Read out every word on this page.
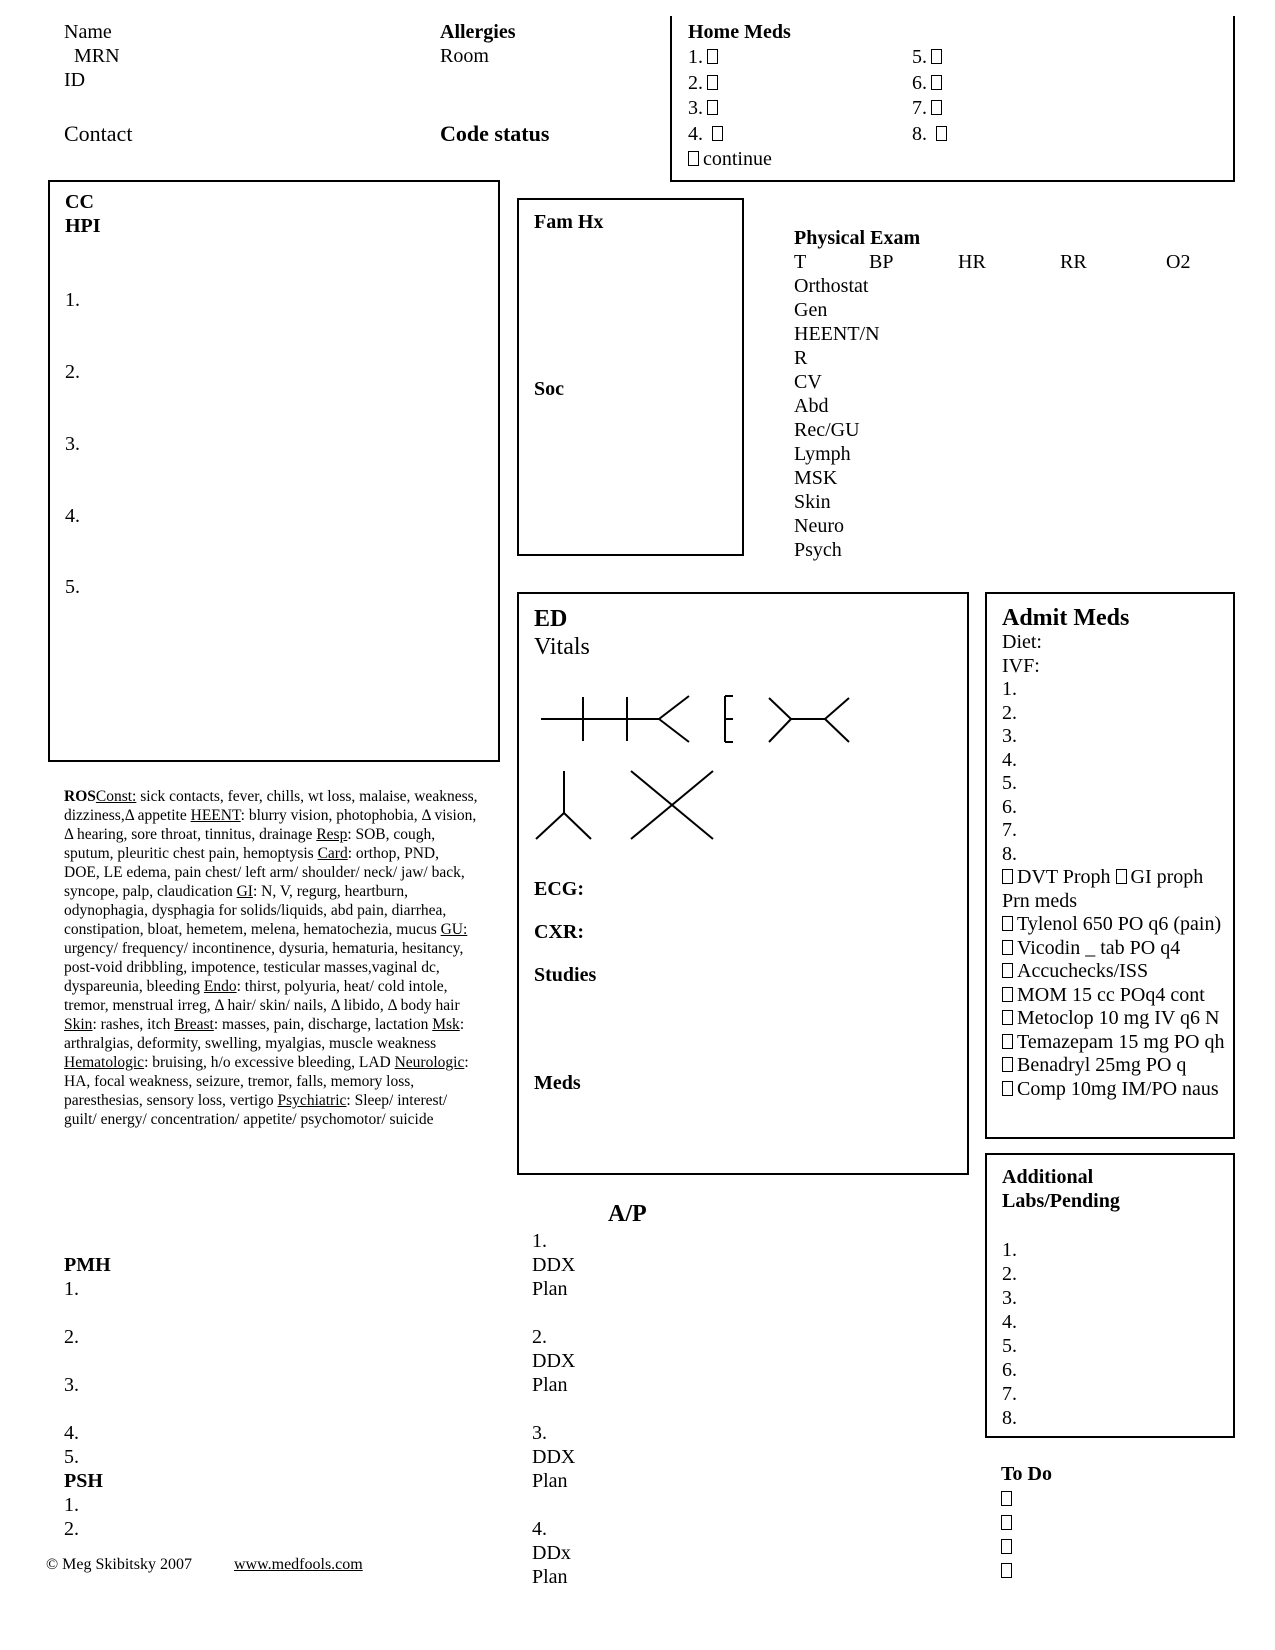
Name
MRN
ID
Contact
Allergies
Room
Code status
Home Meds
1.
2.
3.
4.
continue
5.
6.
7.
8.
CC
HPI
1.
2.
3.
4.
5.
Fam Hx
Soc
Physical Exam
T	BP	HR	RR	O2
Orthostat
Gen
HEENT/N
R
CV
Abd
Rec/GU
Lymph
MSK
Skin
Neuro
Psych
ROSConst: sick contacts, fever, chills, wt loss, malaise, weakness, dizziness,Δ appetite HEENT: blurry vision, photophobia, Δ vision, Δ hearing, sore throat, tinnitus, drainage Resp: SOB, cough, sputum, pleuritic chest pain, hemoptysis Card: orthop, PND, DOE, LE edema, pain chest/ left arm/ shoulder/ neck/ jaw/ back, syncope, palp, claudication GI: N, V, regurg, heartburn, odynophagia, dysphagia for solids/liquids, abd pain, diarrhea, constipation, bloat, hemetem, melena, hematochezia, mucus GU: urgency/ frequency/ incontinence, dysuria, hematuria, hesitancy, post-void dribbling, impotence, testicular masses,vaginal dc, dyspareunia, bleeding Endo: thirst, polyuria, heat/ cold intole, tremor, menstrual irreg, Δ hair/ skin/ nails, Δ libido, Δ body hair Skin: rashes, itch Breast: masses, pain, discharge, lactation Msk: arthralgias, deformity, swelling, myalgias, muscle weakness Hematologic: bruising, h/o excessive bleeding, LAD Neurologic: HA, focal weakness, seizure, tremor, falls, memory loss, paresthesias, sensory loss, vertigo Psychiatric: Sleep/ interest/ guilt/ energy/ concentration/ appetite/ psychomotor/ suicide
PMH
1.
2.
3.
4.
5.
PSH
1.
2.
© Meg Skibitsky 2007	www.medfools.com
ED
Vitals
ECG:
CXR:
Studies
Meds
Admit Meds
Diet:
IVF:
1.
2.
3.
4.
5.
6.
7.
8.
DVT Proph GI proph
Prn meds
Tylenol 650 PO q6 (pain)
Vicodin _ tab PO q4
Accuchecks/ISS
MOM 15 cc POq4 cont
Metoclop 10 mg IV q6 N
Temazepam 15 mg PO qh
Benadryl 25mg PO q
Comp 10mg IM/PO naus
A/P
1.
DDX
Plan
2.
DDX
Plan
3.
DDX
Plan
4.
DDx
Plan
Additional
Labs/Pending
1.
2.
3.
4.
5.
6.
7.
8.
To Do
